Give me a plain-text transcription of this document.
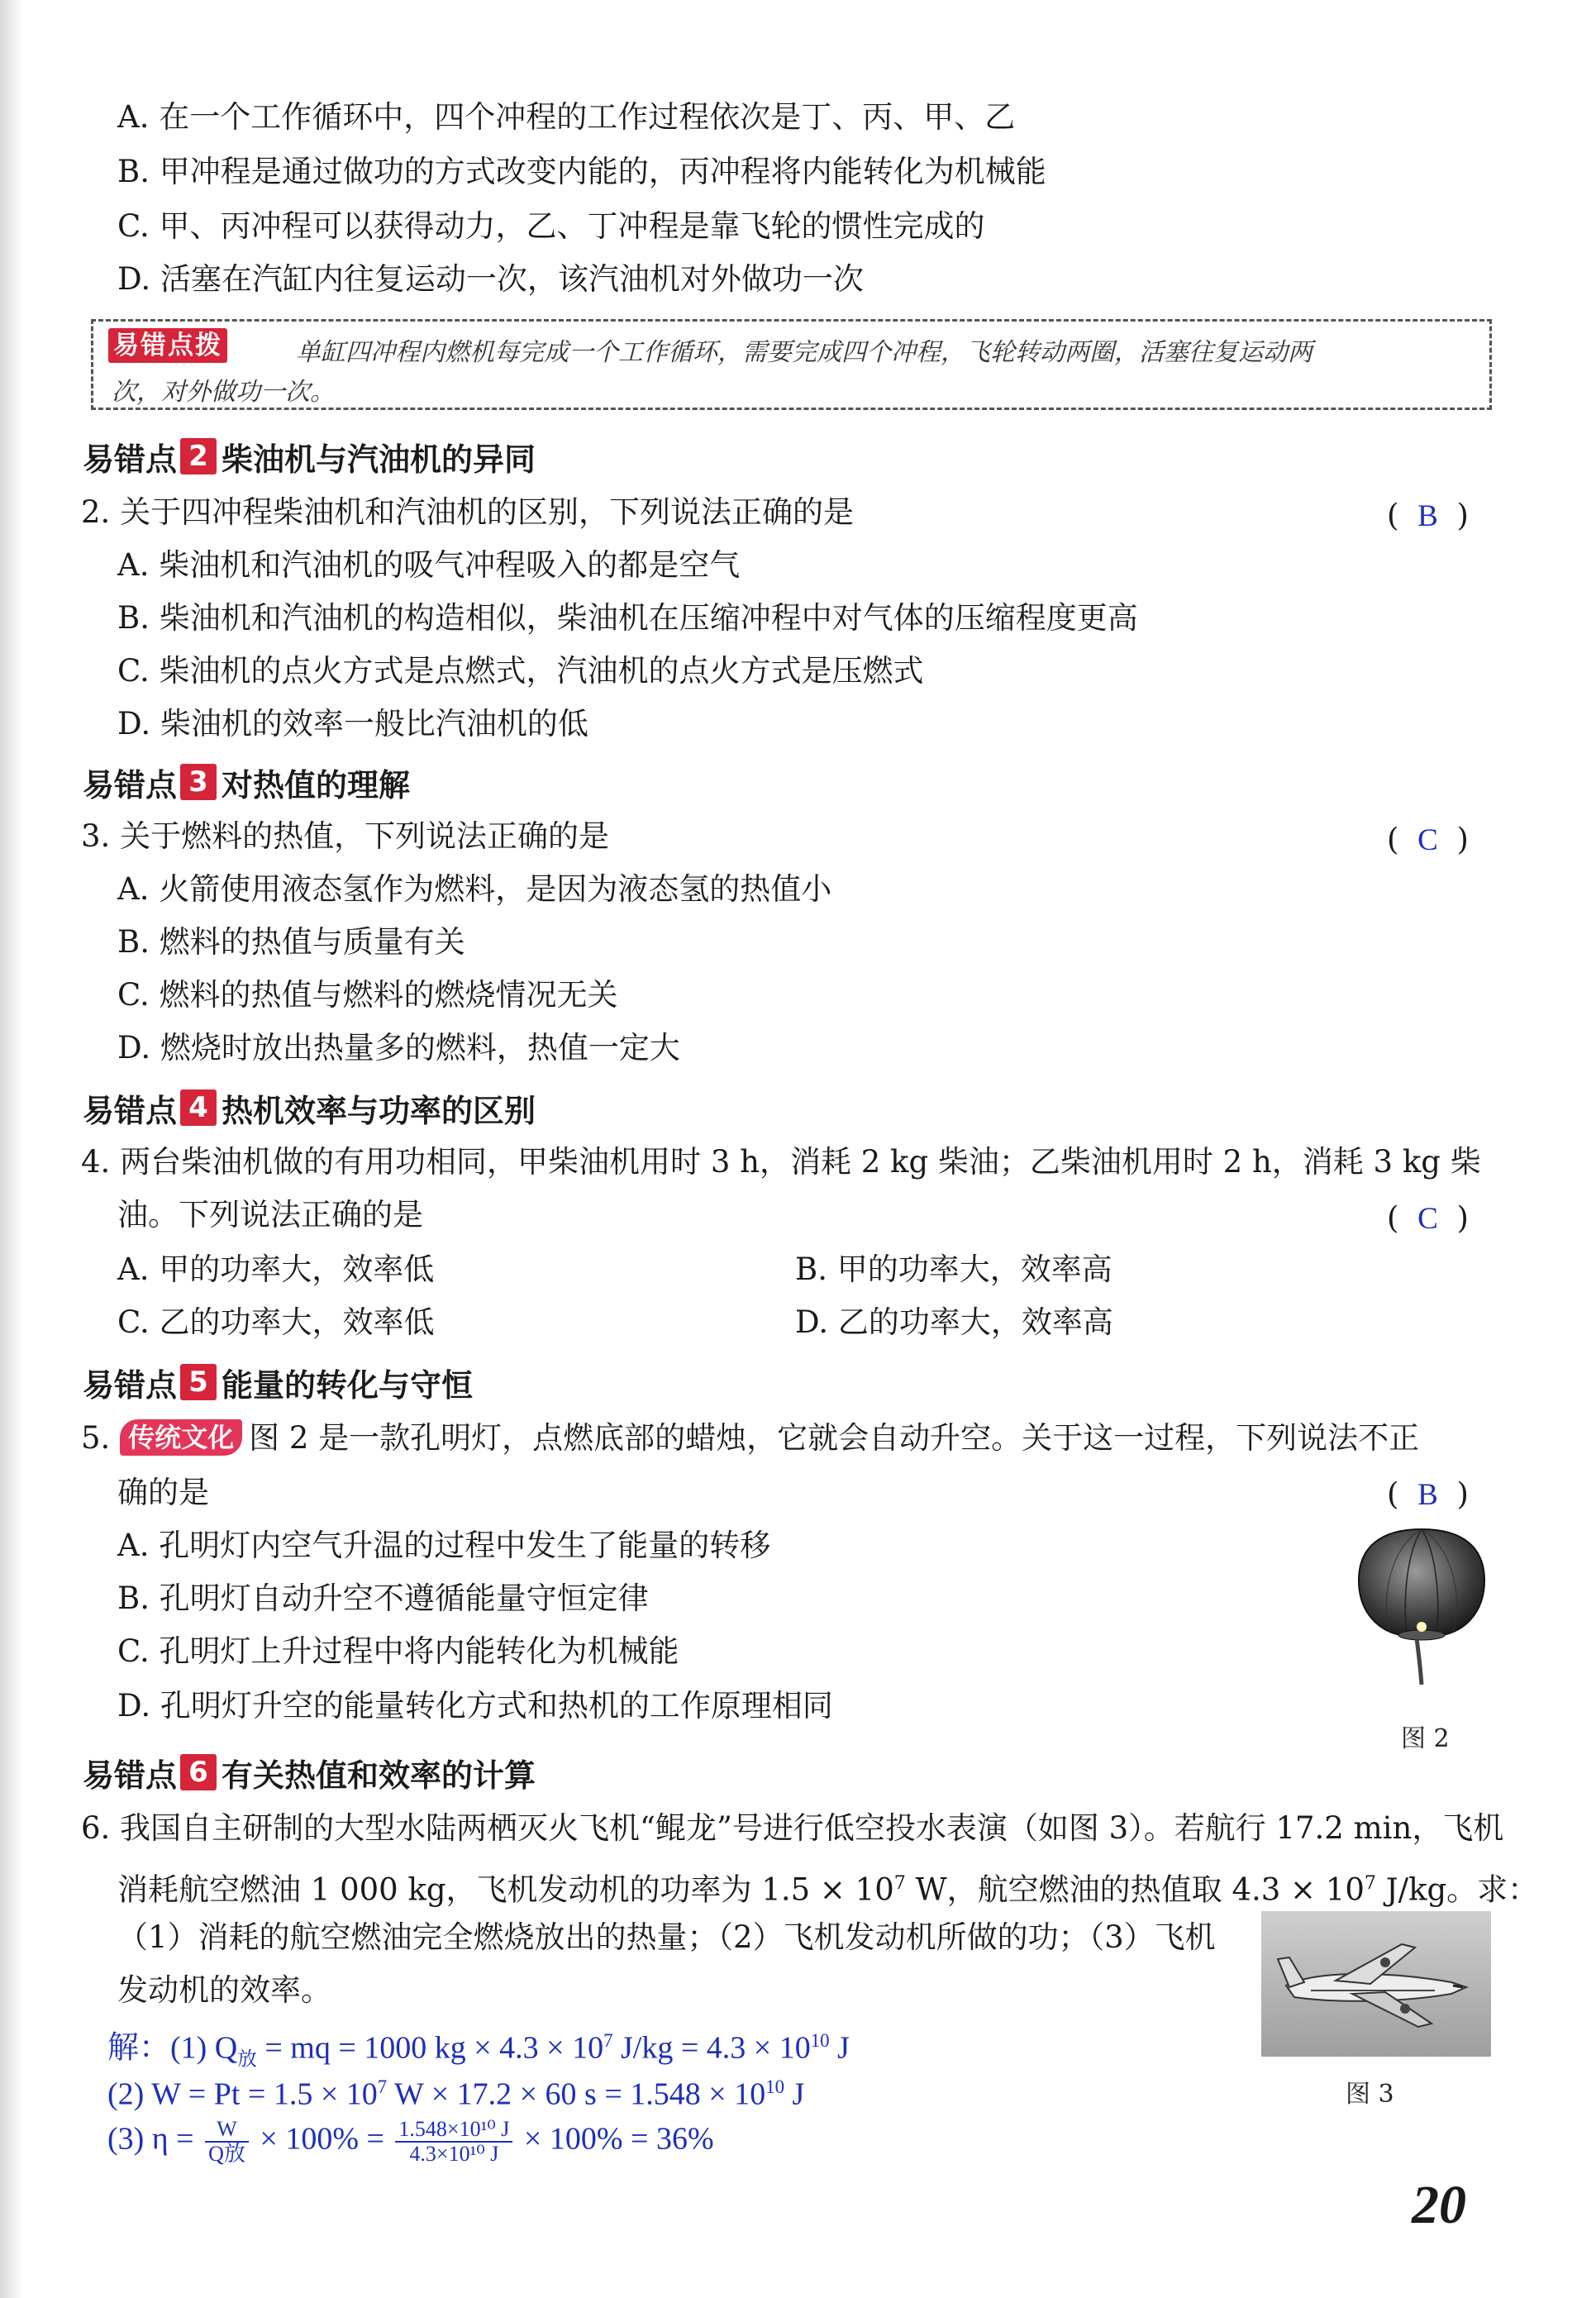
A. 在一个工作循环中，四个冲程的工作过程依次是丁、丙、甲、乙
B. 甲冲程是通过做功的方式改变内能的，丙冲程将内能转化为机械能
C. 甲、丙冲程可以获得动力，乙、丁冲程是靠飞轮的惯性完成的
D. 活塞在汽缸内往复运动一次，该汽油机对外做功一次
易错点拨	单缸四冲程内燃机每完成一个工作循环，需要完成四个冲程，飞轮转动两圈，活塞往复运动两
次，对外做功一次。
易错点 2 柴油机与汽油机的异同
2. 关于四冲程柴油机和汽油机的区别，下列说法正确的是	( B )
A. 柴油机和汽油机的吸气冲程吸入的都是空气
B. 柴油机和汽油机的构造相似，柴油机在压缩冲程中对气体的压缩程度更高
C. 柴油机的点火方式是点燃式，汽油机的点火方式是压燃式
D. 柴油机的效率一般比汽油机的低
易错点 3 对热值的理解
3. 关于燃料的热值，下列说法正确的是	( C )
A. 火箭使用液态氢作为燃料，是因为液态氢的热值小
B. 燃料的热值与质量有关
C. 燃料的热值与燃料的燃烧情况无关
D. 燃烧时放出热量多的燃料，热值一定大
易错点 4 热机效率与功率的区别
4. 两台柴油机做的有用功相同，甲柴油机用时 3 h，消耗 2 kg 柴油；乙柴油机用时 2 h，消耗 3 kg 柴
油。下列说法正确的是	( C )
A. 甲的功率大，效率低	B. 甲的功率大，效率高
C. 乙的功率大，效率低	D. 乙的功率大，效率高
易错点 5 能量的转化与守恒
5. 传统文化 图 2 是一款孔明灯，点燃底部的蜡烛，它就会自动升空。关于这一过程，下列说法不正
确的是	( B )
A. 孔明灯内空气升温的过程中发生了能量的转移
B. 孔明灯自动升空不遵循能量守恒定律
C. 孔明灯上升过程中将内能转化为机械能
D. 孔明灯升空的能量转化方式和热机的工作原理相同
图 2
易错点 6 有关热值和效率的计算
6. 我国自主研制的大型水陆两栖灭火飞机“鲲龙”号进行低空投水表演（如图 3）。若航行 17.2 min，飞机
消耗航空燃油 1 000 kg，飞机发动机的功率为 $1.5 \times 10^7$ W，航空燃油的热值取 $4.3 \times 10^7$ J/kg。求：
（1）消耗的航空燃油完全燃烧放出的热量；（2）飞机发动机所做的功；（3）飞机
发动机的效率。
图 3
解：(1) $Q_放$ = mq = 1000 kg × $4.3 \times 10^7$ $J/kg = 4.3 \times 10^{10}$ J
(2) $W = Pt = 1.5 \times 10^7$ W × 17.2 × 60 $s = 1.548 \times 10^{10}$ J
(3) $\eta = \frac{W}{\text{Q放}} \times 100\% = \frac{\text{1.548×10¹⁰ J}}{\text{4.3×10¹⁰ J}} \times 100\% = 36\%$
20
